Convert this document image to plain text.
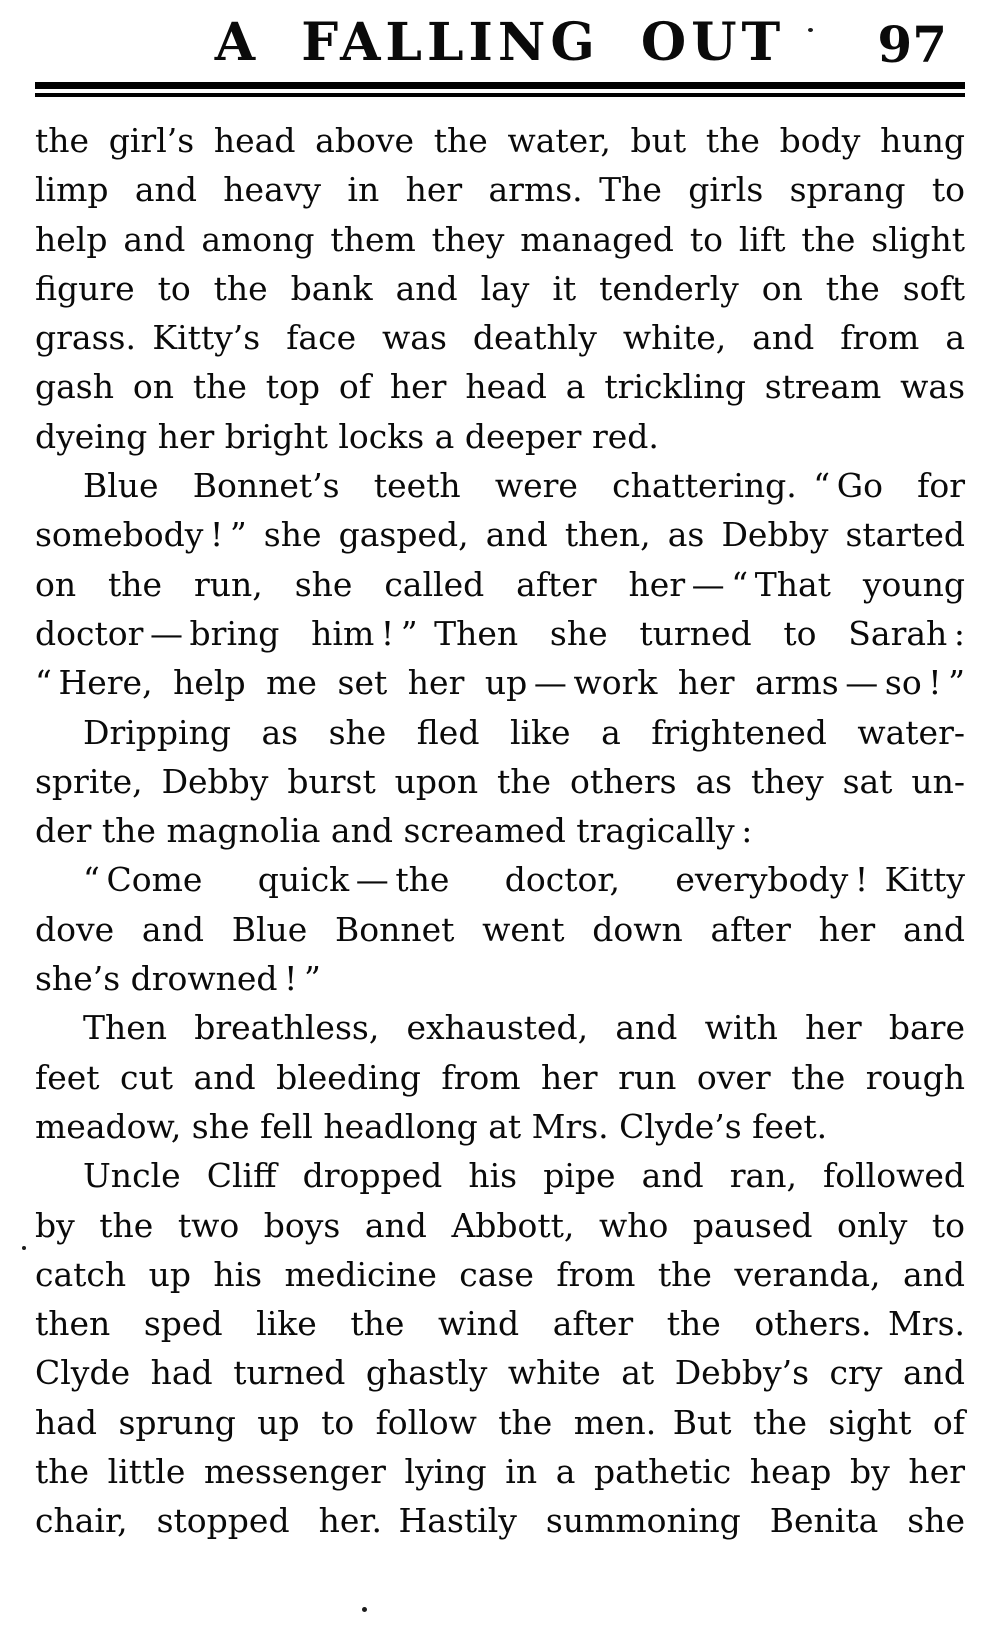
A FALLING OUT	97
the girl’s head above the water, but the body hung
limp and heavy in her arms. The girls sprang to
help and among them they managed to lift the slight
figure to the bank and lay it tenderly on the soft
grass. Kitty’s face was deathly white, and from a
gash on the top of her head a trickling stream was
dyeing her bright locks a deeper red.
Blue Bonnet’s teeth were chattering. “ Go for
somebody ! ” she gasped, and then, as Debby started
on the run, she called after her — “ That young
doctor — bring him ! ” Then she turned to Sarah :
“ Here, help me set her up — work her arms — so ! ”
Dripping as she fled like a frightened water-
sprite, Debby burst upon the others as they sat un-
der the magnolia and screamed tragically :
“ Come quick — the doctor, everybody ! Kitty
dove and Blue Bonnet went down after her and
she’s drowned ! ”
Then breathless, exhausted, and with her bare
feet cut and bleeding from her run over the rough
meadow, she fell headlong at Mrs. Clyde’s feet.
Uncle Cliff dropped his pipe and ran, followed
by the two boys and Abbott, who paused only to
catch up his medicine case from the veranda, and
then sped like the wind after the others. Mrs.
Clyde had turned ghastly white at Debby’s cry and
had sprung up to follow the men. But the sight of
the little messenger lying in a pathetic heap by her
chair, stopped her. Hastily summoning Benita she
